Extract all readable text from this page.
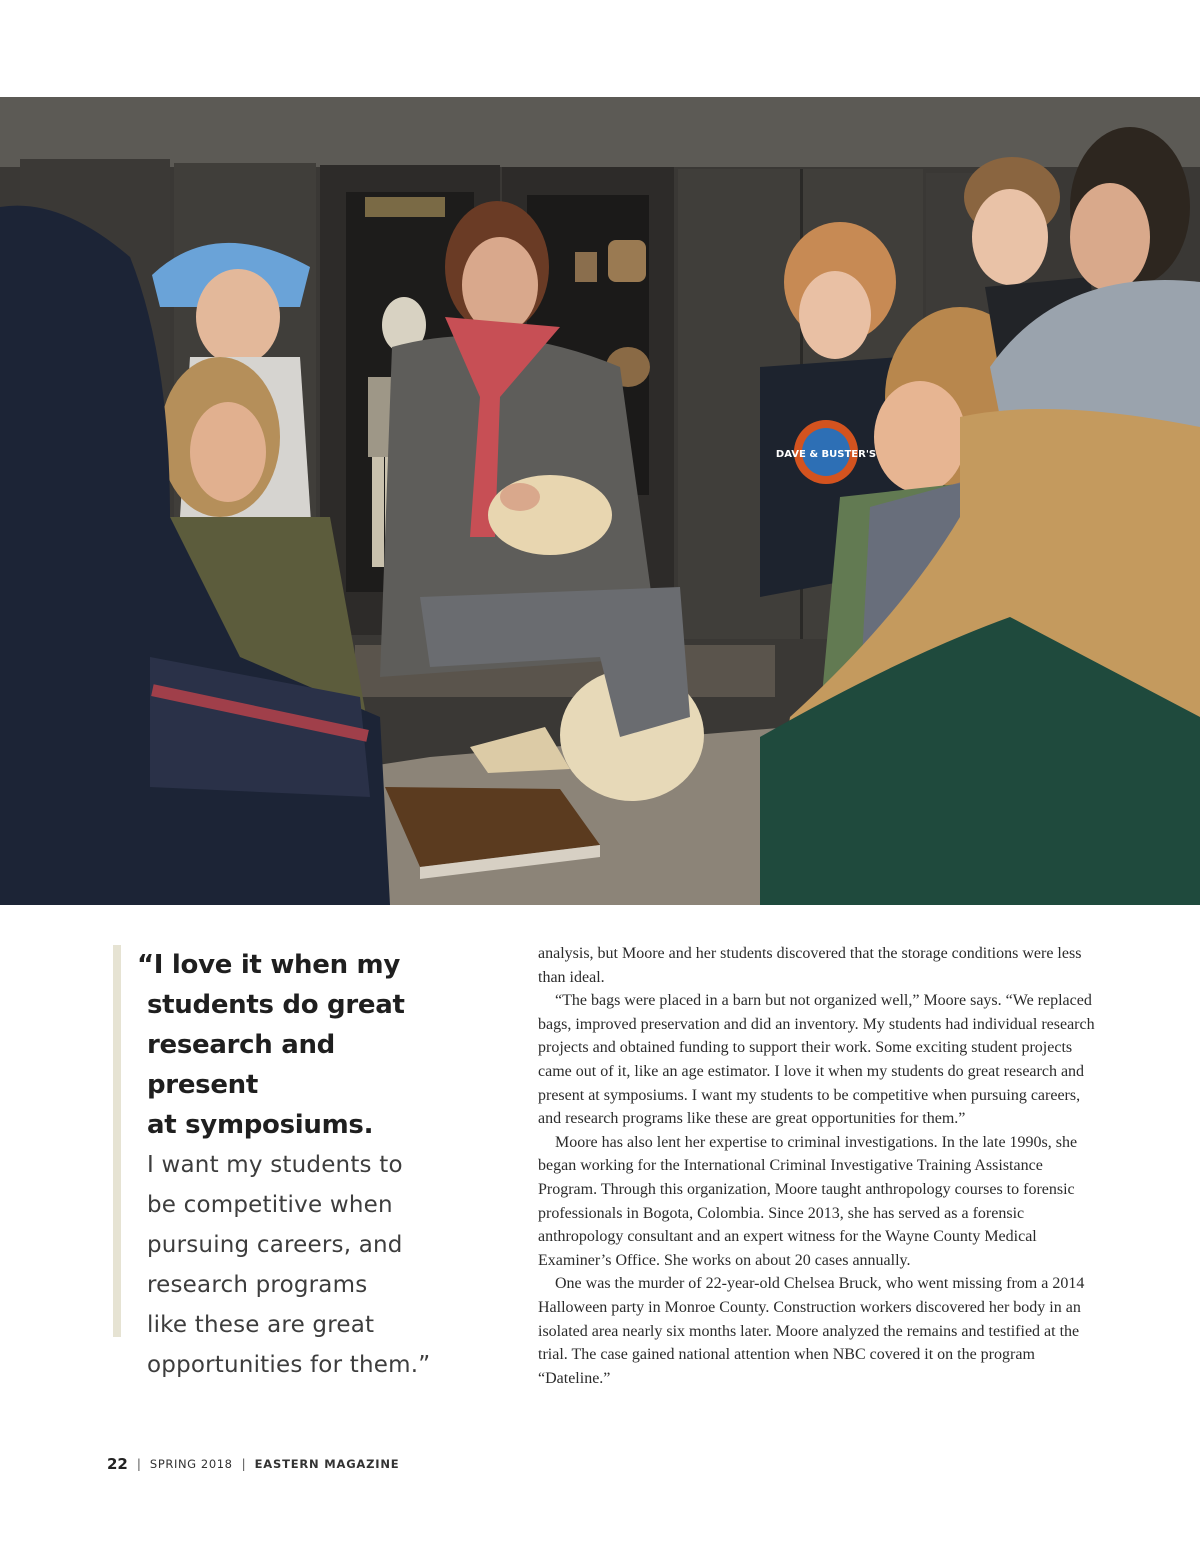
DAVE & BUSTER'S

“I love it when my

students do great

research and present

at symposiums.

I want my students to

be competitive when

pursuing careers, and

research programs

like these are great

opportunities for them.”

analysis, but Moore and her students discovered that the storage conditions were less than ideal.

“The bags were placed in a barn but not organized well,” Moore says. “We replaced bags, improved preservation and did an inventory. My students had individual research projects and obtained funding to support their work. Some exciting student projects came out of it, like an age estimator. I love it when my students do great research and present at symposiums. I want my students to be competitive when pursuing careers, and research programs like these are great opportunities for them.”

Moore has also lent her expertise to criminal investigations. In the late 1990s, she began working for the International Criminal Investigative Training Assistance Program. Through this organization, Moore taught anthropology courses to forensic professionals in Bogota, Colombia. Since 2013, she has served as a forensic anthropology consultant and an expert witness for the Wayne County Medical Examiner’s Office. She works on about 20 cases annually.

One was the murder of 22-year-old Chelsea Bruck, who went missing from a 2014 Halloween party in Monroe County. Construction workers discovered her body in an isolated area nearly six months later. Moore analyzed the remains and testified at the trial. The case gained national attention when NBC covered it on the program “Dateline.”

22 | SPRING 2018 | EASTERN MAGAZINE
